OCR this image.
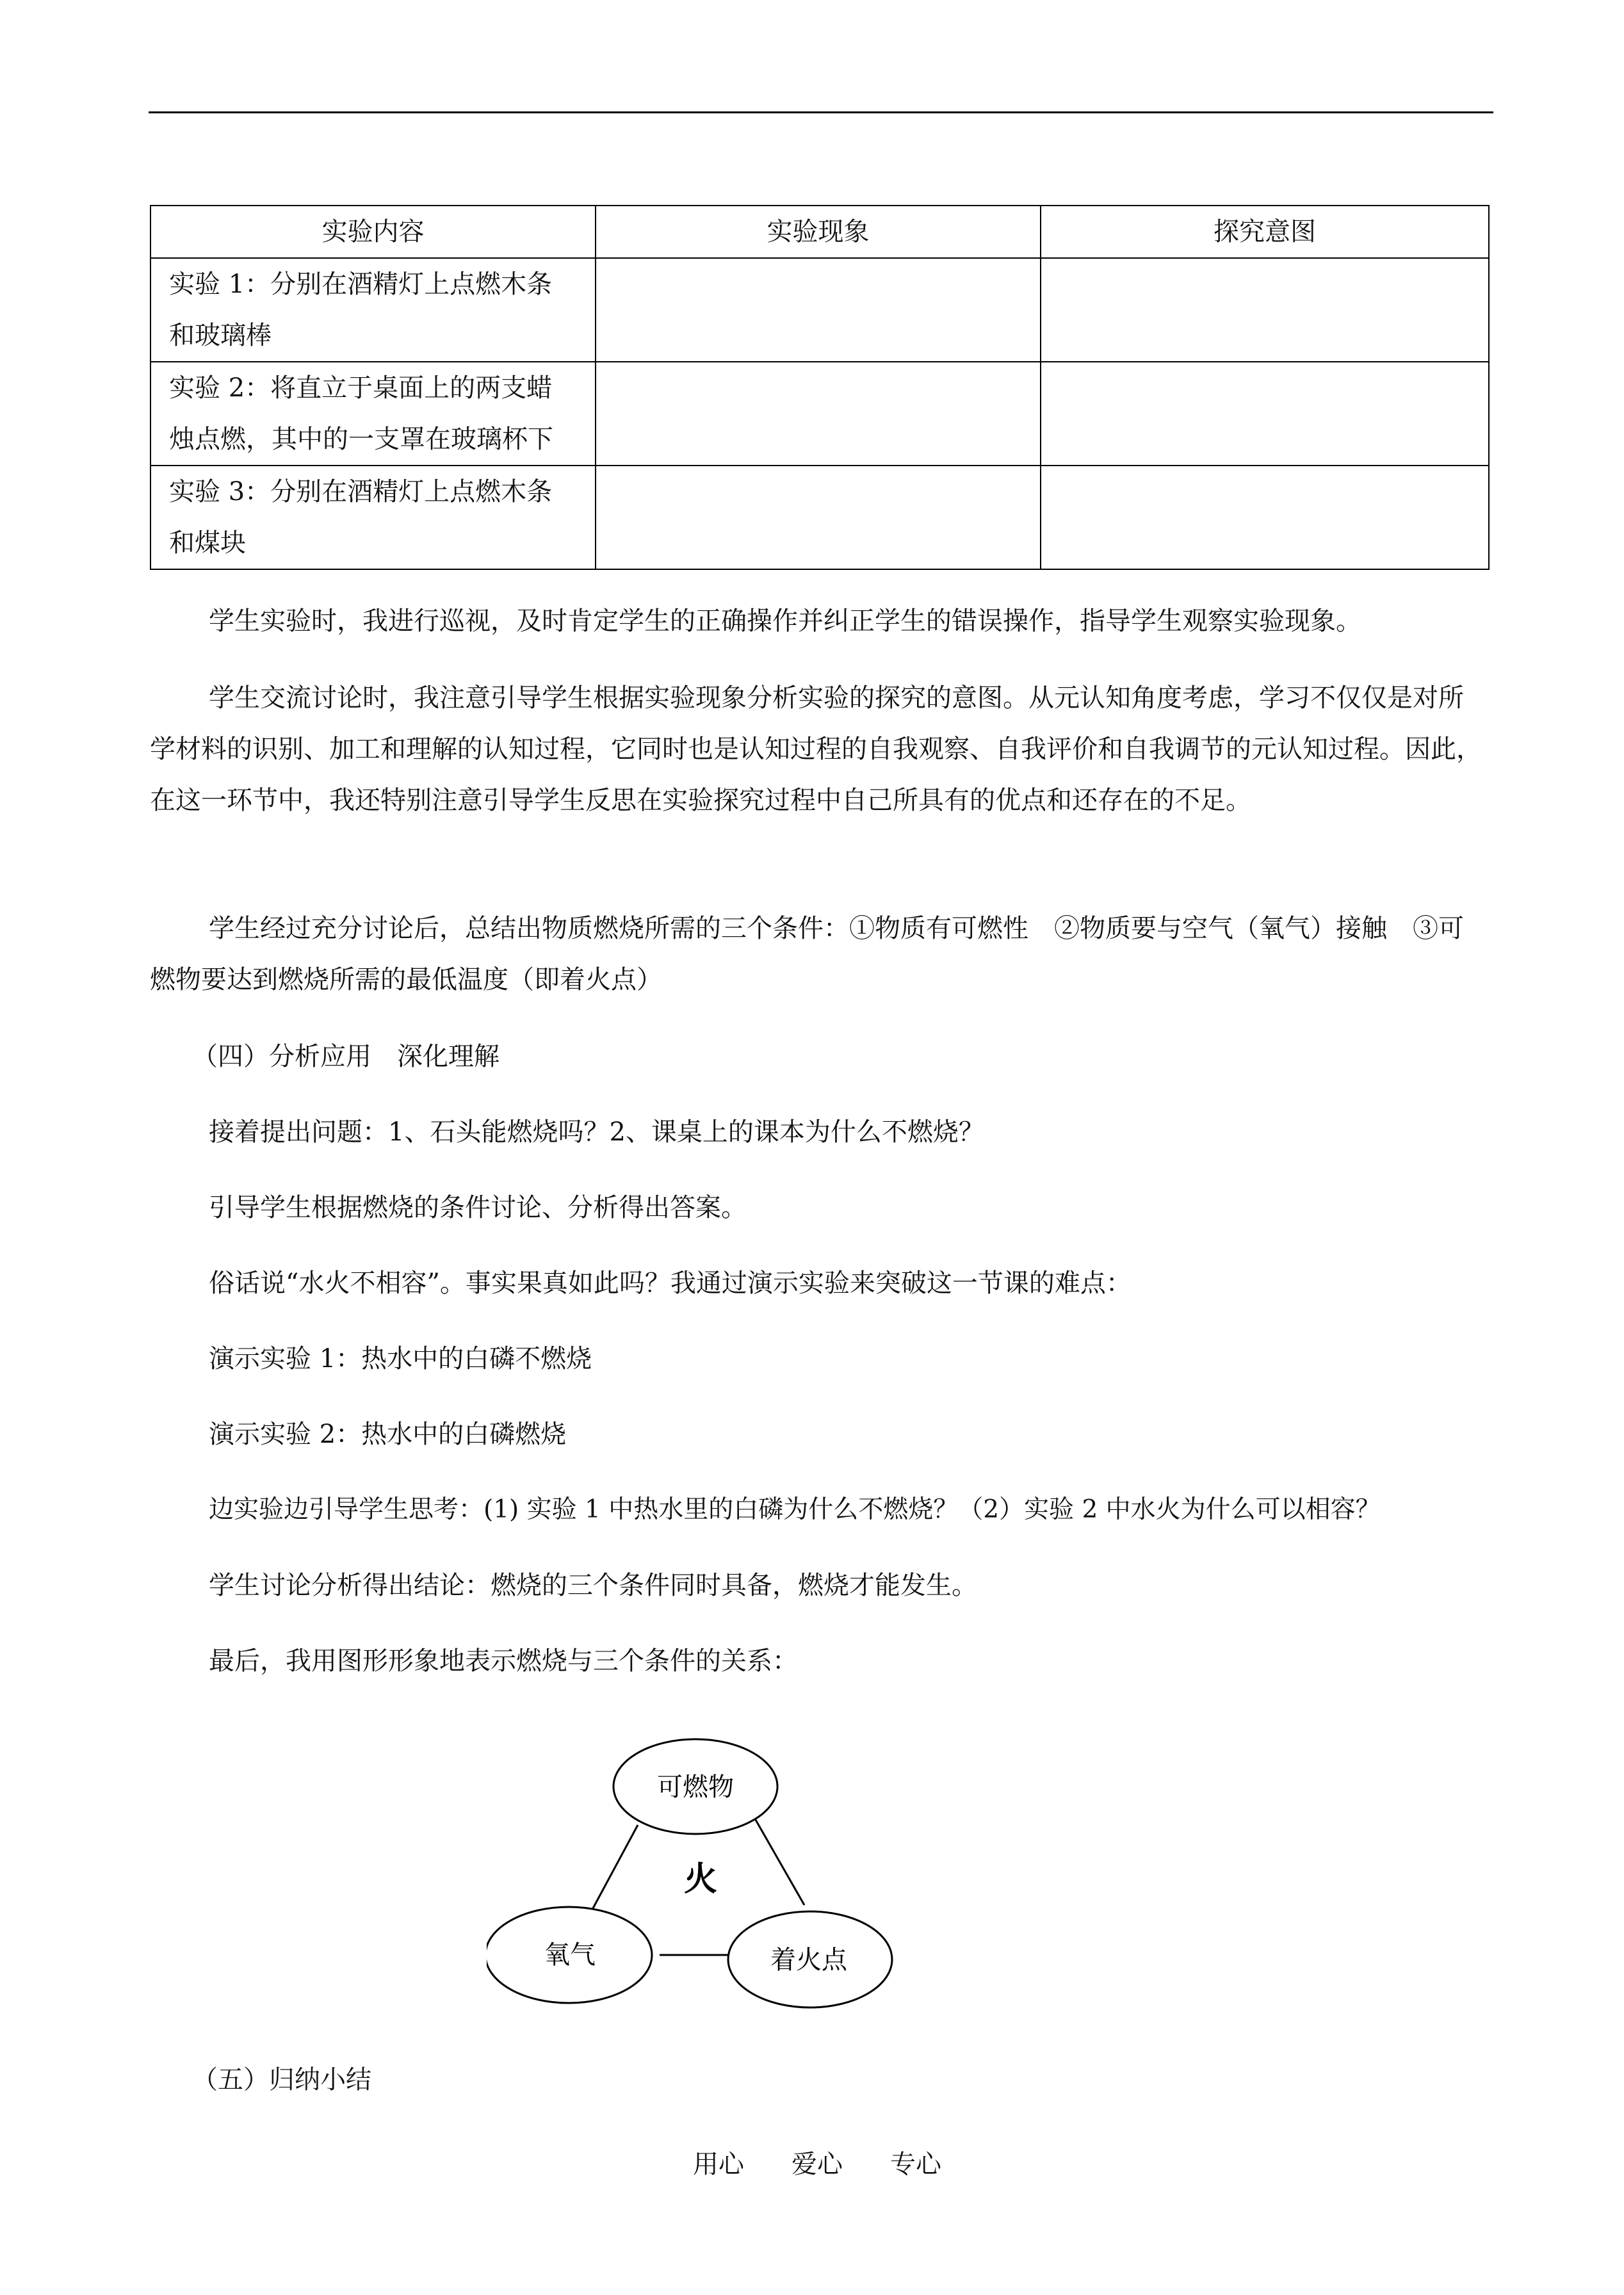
实验内容	实验现象	探究意图
实验 1：分别在酒精灯上点燃木条和玻璃棒		
实验 2：将直立于桌面上的两支蜡烛点燃，其中的一支罩在玻璃杯下		
实验 3：分别在酒精灯上点燃木条和煤块		

学生实验时，我进行巡视，及时肯定学生的正确操作并纠正学生的错误操作，指导学生观察实验现象。

学生交流讨论时，我注意引导学生根据实验现象分析实验的探究的意图。从元认知角度考虑，学习不仅仅是对所学材料的识别、加工和理解的认知过程，它同时也是认知过程的自我观察、自我评价和自我调节的元认知过程。因此，在这一环节中，我还特别注意引导学生反思在实验探究过程中自己所具有的优点和还存在的不足。

学生经过充分讨论后，总结出物质燃烧所需的三个条件：①物质有可燃性　②物质要与空气（氧气）接触　③可燃物要达到燃烧所需的最低温度（即着火点）

（四）分析应用　深化理解

接着提出问题：1、石头能燃烧吗？2、课桌上的课本为什么不燃烧？

引导学生根据燃烧的条件讨论、分析得出答案。

俗话说“水火不相容”。事实果真如此吗？我通过演示实验来突破这一节课的难点：

演示实验 1：热水中的白磷不燃烧

演示实验 2：热水中的白磷燃烧

边实验边引导学生思考：(1) 实验 1 中热水里的白磷为什么不燃烧？（2）实验 2 中水火为什么可以相容？

学生讨论分析得出结论：燃烧的三个条件同时具备，燃烧才能发生。

最后，我用图形形象地表示燃烧与三个条件的关系：

可燃物
氧气	着火点
火

（五）归纳小结

用心 爱心 专心
